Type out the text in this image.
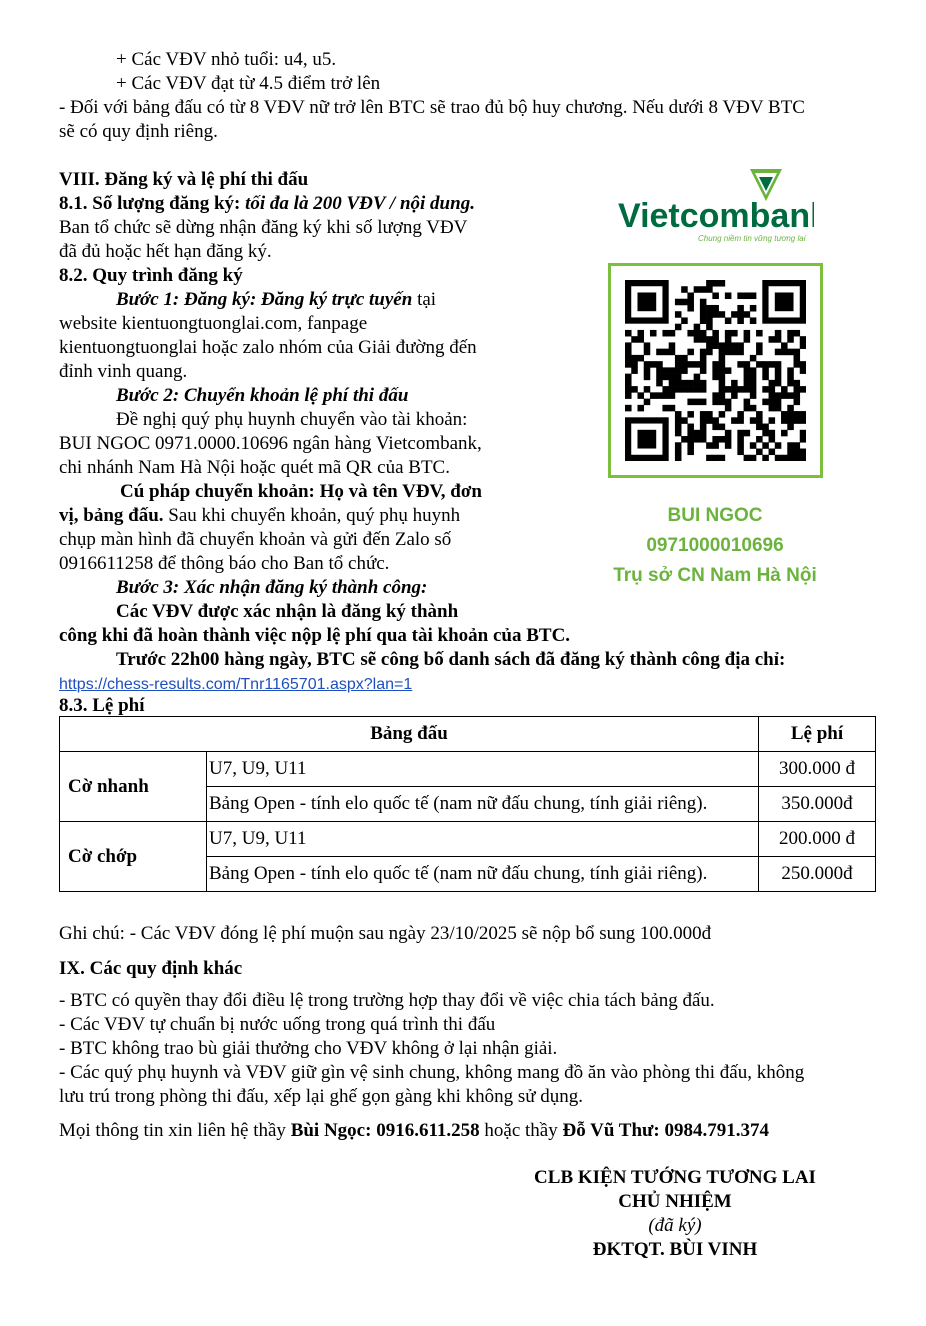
+ Các VĐV nhỏ tuổi: u4, u5.
+ Các VĐV đạt từ 4.5 điểm trở lên
- Đối với bảng đấu có từ 8 VĐV nữ trở lên BTC sẽ trao đủ bộ huy chương. Nếu dưới 8 VĐV BTC
sẽ có quy định riêng.
VIII. Đăng ký và lệ phí thi đấu
8.1. Số lượng đăng ký: tối đa là 200 VĐV / nội dung.
Ban tổ chức sẽ dừng nhận đăng ký khi số lượng VĐV
đã đủ hoặc hết hạn đăng ký.
8.2. Quy trình đăng ký
Bước 1: Đăng ký: Đăng ký trực tuyến tại
website kientuongtuonglai.com, fanpage
kientuongtuonglai hoặc zalo nhóm của Giải đường đến
đỉnh vinh quang.
Bước 2: Chuyển khoản lệ phí thi đấu
Đề nghị quý phụ huynh chuyển vào tài khoản:
BUI NGOC 0971.0000.10696 ngân hàng Vietcombank,
chi nhánh Nam Hà Nội hoặc quét mã QR của BTC.
Cú pháp chuyển khoản: Họ và tên VĐV, đơn
vị, bảng đấu. Sau khi chuyển khoản, quý phụ huynh
chụp màn hình đã chuyển khoản và gửi đến Zalo số
0916611258 để thông báo cho Ban tổ chức.
Bước 3: Xác nhận đăng ký thành công:
Các VĐV được xác nhận là đăng ký thành
công khi đã hoàn thành việc nộp lệ phí qua tài khoản của BTC.
Trước 22h00 hàng ngày, BTC sẽ công bố danh sách đã đăng ký thành công địa chỉ:
https://chess-results.com/Tnr1165701.aspx?lan=1
8.3. Lệ phí
Vietcombank
Chung niềm tin vững tương lai
BUI NGOC
0971000010696
Trụ sở CN Nam Hà Nội
Bảng đấu		Lệ phí
Cờ nhanh	U7, U9, U11	300.000 đ
	Bảng Open - tính elo quốc tế (nam nữ đấu chung, tính giải riêng).	350.000đ
Cờ chớp	U7, U9, U11	200.000 đ
	Bảng Open - tính elo quốc tế (nam nữ đấu chung, tính giải riêng).	250.000đ
Ghi chú: - Các VĐV đóng lệ phí muộn sau ngày 23/10/2025 sẽ nộp bổ sung 100.000đ
IX. Các quy định khác
- BTC có quyền thay đổi điều lệ trong trường hợp thay đổi về việc chia tách bảng đấu.
- Các VĐV tự chuẩn bị nước uống trong quá trình thi đấu
- BTC không trao bù giải thưởng cho VĐV không ở lại nhận giải.
- Các quý phụ huynh và VĐV giữ gìn vệ sinh chung, không mang đồ ăn vào phòng thi đấu, không
lưu trú trong phòng thi đấu, xếp lại ghế gọn gàng khi không sử dụng.
Mọi thông tin xin liên hệ thầy Bùi Ngọc: 0916.611.258 hoặc thầy Đỗ Vũ Thư: 0984.791.374
CLB KIỆN TƯỚNG TƯƠNG LAI
CHỦ NHIỆM
(đã ký)
ĐKTQT. BÙI VINH
